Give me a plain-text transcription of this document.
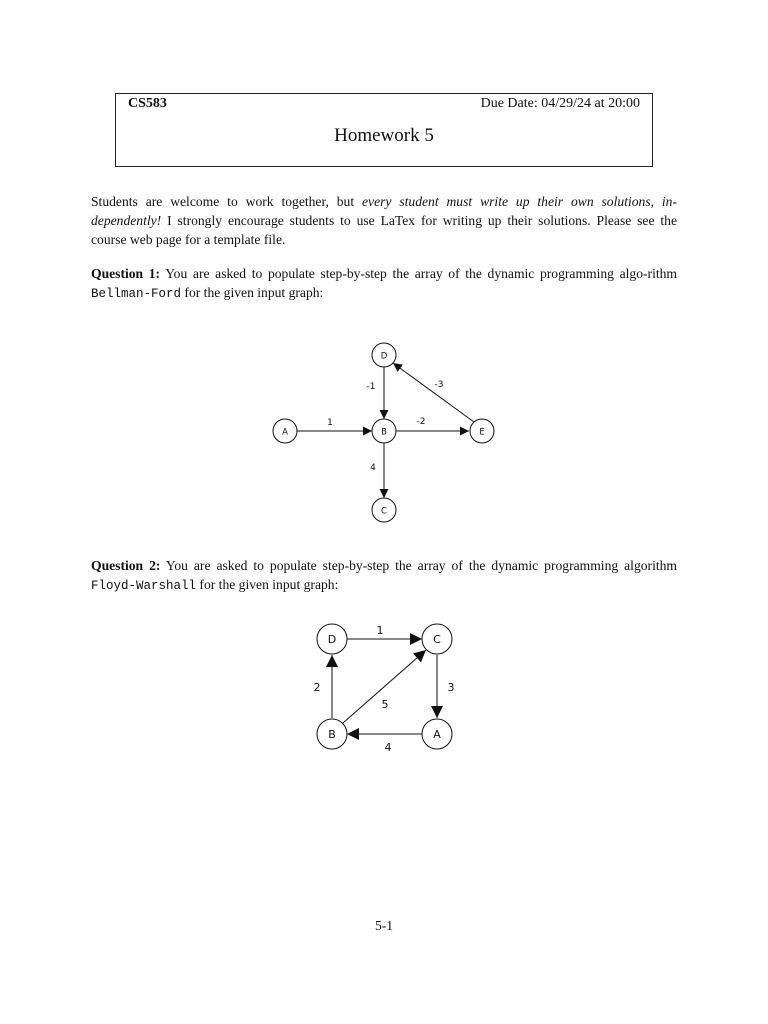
CS583	Due Date: 04/29/24 at 20:00
Homework 5
Students are welcome to work together, but every student must write up their own solutions, in-dependently! I strongly encourage students to use LaTex for writing up their solutions. Please see the course web page for a template file.
Question 1: You are asked to populate step-by-step the array of the dynamic programming algo-rithm Bellman-Ford for the given input graph:
1
-1
-2
-3
4
A	B
C
D
E
1
2	3
5
4
D	C
B	A
Question 2: You are asked to populate step-by-step the array of the dynamic programming algorithm Floyd-Warshall for the given input graph:
5-1
